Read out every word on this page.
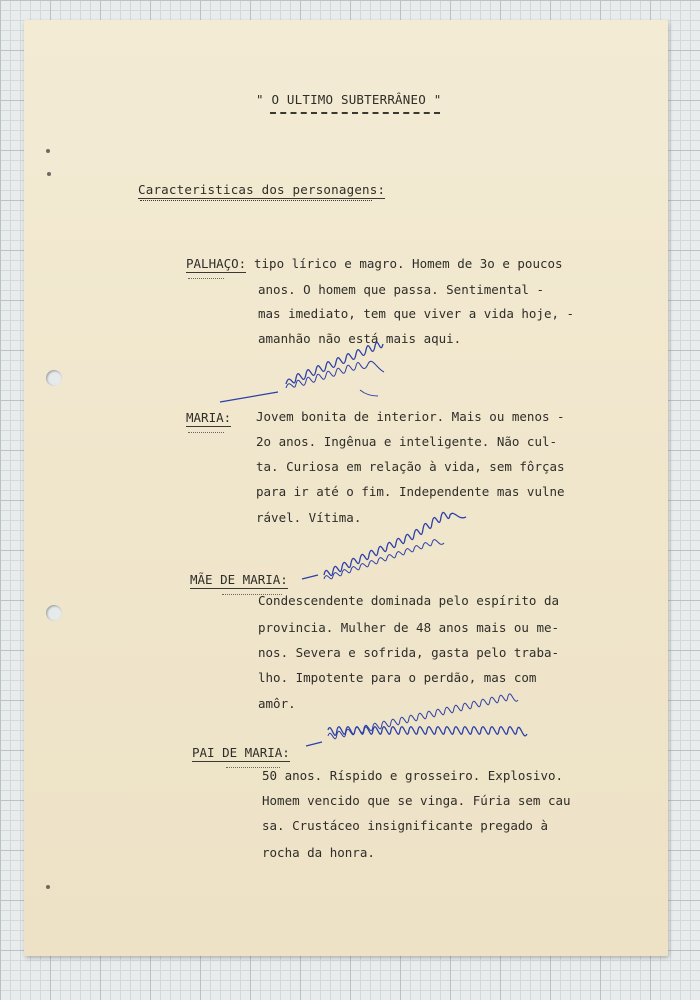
" O ULTIMO SUBTERRÂNEO "
Caracteristicas dos personagens:
PALHAÇO: tipo lírico e magro. Homem de 3o e poucos
anos. O homem que passa. Sentimental -
mas imediato, tem que viver a vida hoje, -
amanhão não está mais aqui.
MARIA: Jovem bonita de interior. Mais ou menos -
2o anos. Ingênua e inteligente. Não cul-
ta. Curiosa em relação à vida, sem fôrças
para ir até o fim. Independente mas vulne
rável. Vítima.
MÃE DE MARIA:
Condescendente dominada pelo espírito da
provincia. Mulher de 48 anos mais ou me-
nos. Severa e sofrida, gasta pelo traba-
lho. Impotente para o perdão, mas com
amôr.
PAI DE MARIA:
50 anos. Ríspido e grosseiro. Explosivo.
Homem vencido que se vinga. Fúria sem cau
sa. Crustáceo insignificante pregado à
rocha da honra.
